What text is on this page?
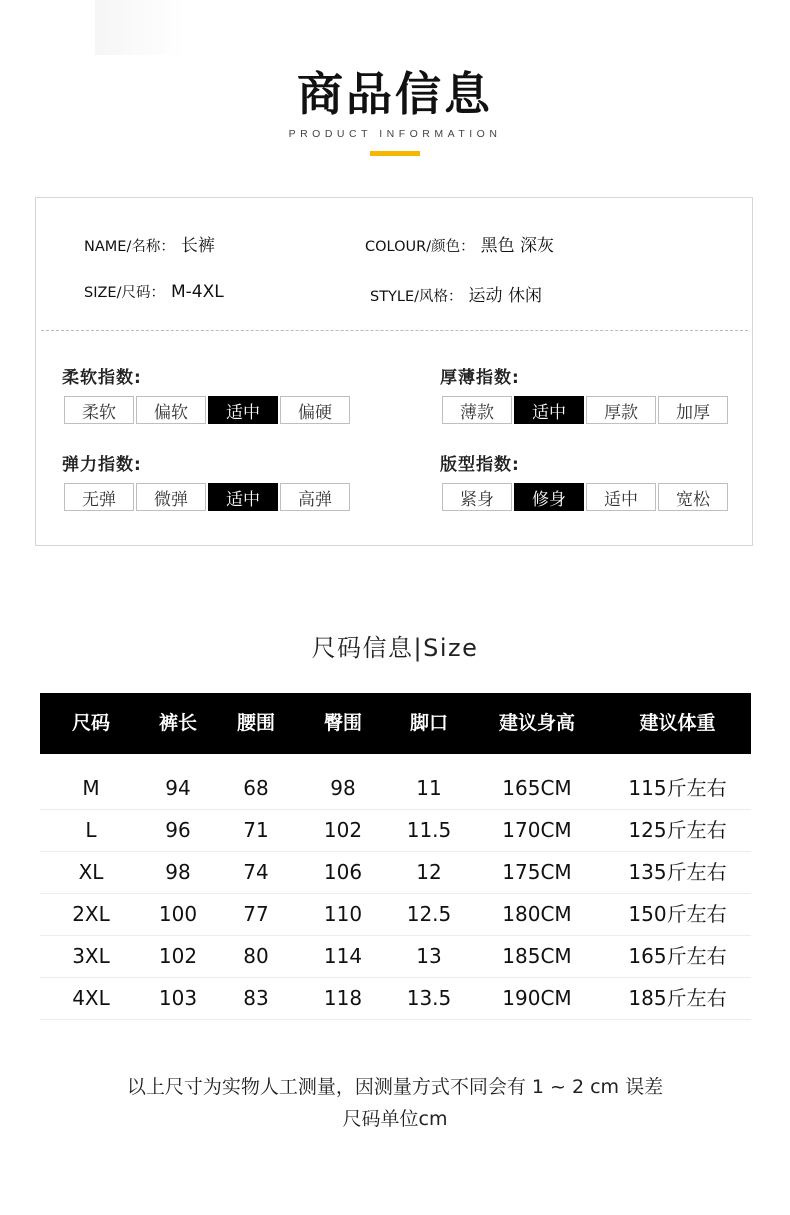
商品信息
PRODUCT INFORMATION
NAME/名称： 长裤	COLOUR/颜色： 黑色 深灰
SIZE/尺码： M-4XL	STYLE/风格： 运动 休闲
柔软指数:
柔软	偏软	适中	偏硬
厚薄指数:
薄款	适中	厚款	加厚
弹力指数:
无弹	微弹	适中	高弹
版型指数:
紧身	修身	适中	宽松
尺码信息|Size
尺码	裤长	腰围	臀围	脚口	建议身高	建议体重
M	94	68	98	11	165CM	115斤左右
L	96	71	102	11.5	170CM	125斤左右
XL	98	74	106	12	175CM	135斤左右
2XL	100	77	110	12.5	180CM	150斤左右
3XL	102	80	114	13	185CM	165斤左右
4XL	103	83	118	13.5	190CM	185斤左右
以上尺寸为实物人工测量，因测量方式不同会有 1 ~ 2 cm 误差
尺码单位cm
